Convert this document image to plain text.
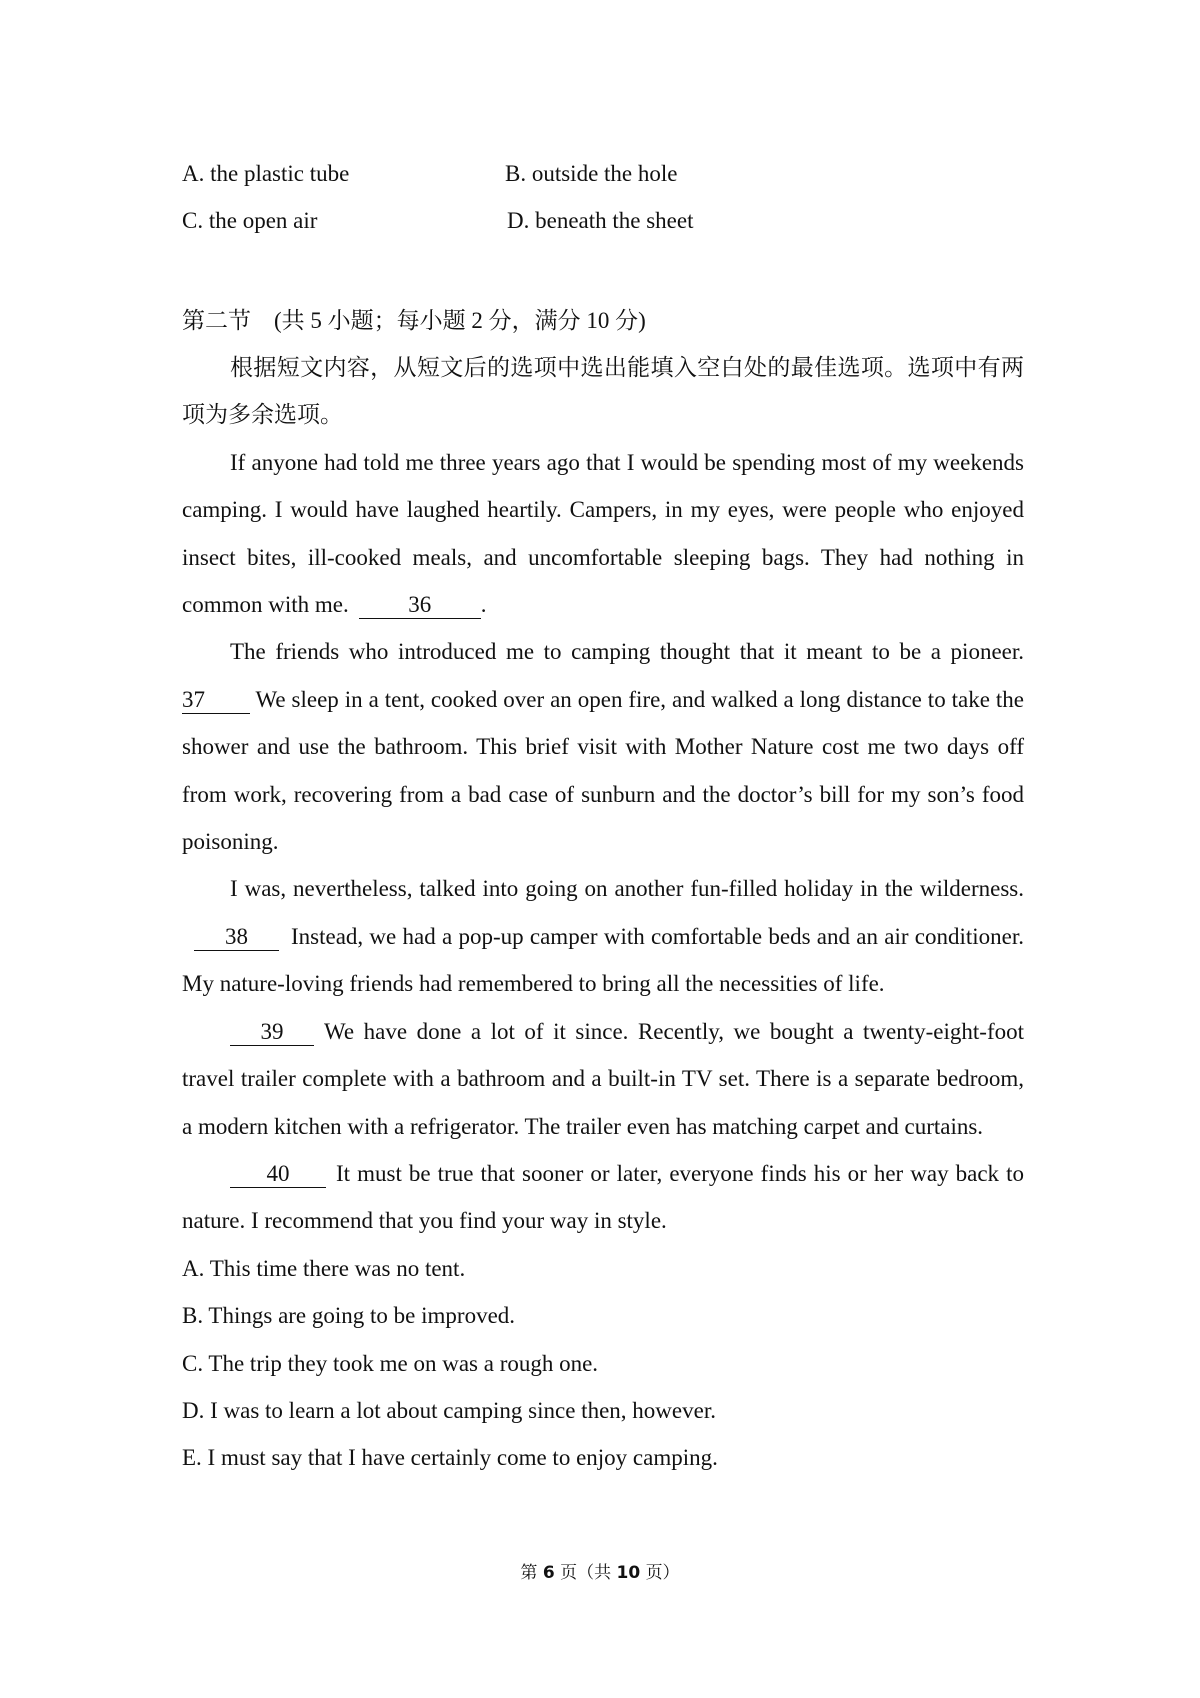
A. the plastic tube	B. outside the hole
C. the open air	D. beneath the sheet
第二节　(共 5 小题；每小题 2 分，满分 10 分)

根据短文内容，从短文后的选项中选出能填入空白处的最佳选项。选项中有两项为多余选项。

If anyone had told me three years ago that I would be spending most of my weekends camping. I would have laughed heartily. Campers, in my eyes, were people who enjoyed insect bites, ill-cooked meals, and uncomfortable sleeping bags. They had nothing in common with me.	36 .

The friends who introduced me to camping thought that it meant to be a pioneer. 37 We sleep in a tent, cooked over an open fire, and walked a long distance to take the shower and use the bathroom. This brief visit with Mother Nature cost me two days off from work, recovering from a bad case of sunburn and the doctor’s bill for my son’s food poisoning.

I was, nevertheless, talked into going on another fun-filled holiday in the wilderness.38 Instead, we had a pop-up camper with comfortable beds and an air conditioner. My nature-loving friends had remembered to bring all the necessities of life.

39 We have done a lot of it since. Recently, we bought a twenty-eight-foot travel trailer complete with a bathroom and a built-in TV set. There is a separate bedroom, a modern kitchen with a refrigerator. The trailer even has matching carpet and curtains.

40 It must be true that sooner or later, everyone finds his or her way back to nature. I recommend that you find your way in style.

A. This time there was no tent.
B. Things are going to be improved.
C. The trip they took me on was a rough one.
D. I was to learn a lot about camping since then, however.
E. I must say that I have certainly come to enjoy camping.
第 6 页（共 10 页）
